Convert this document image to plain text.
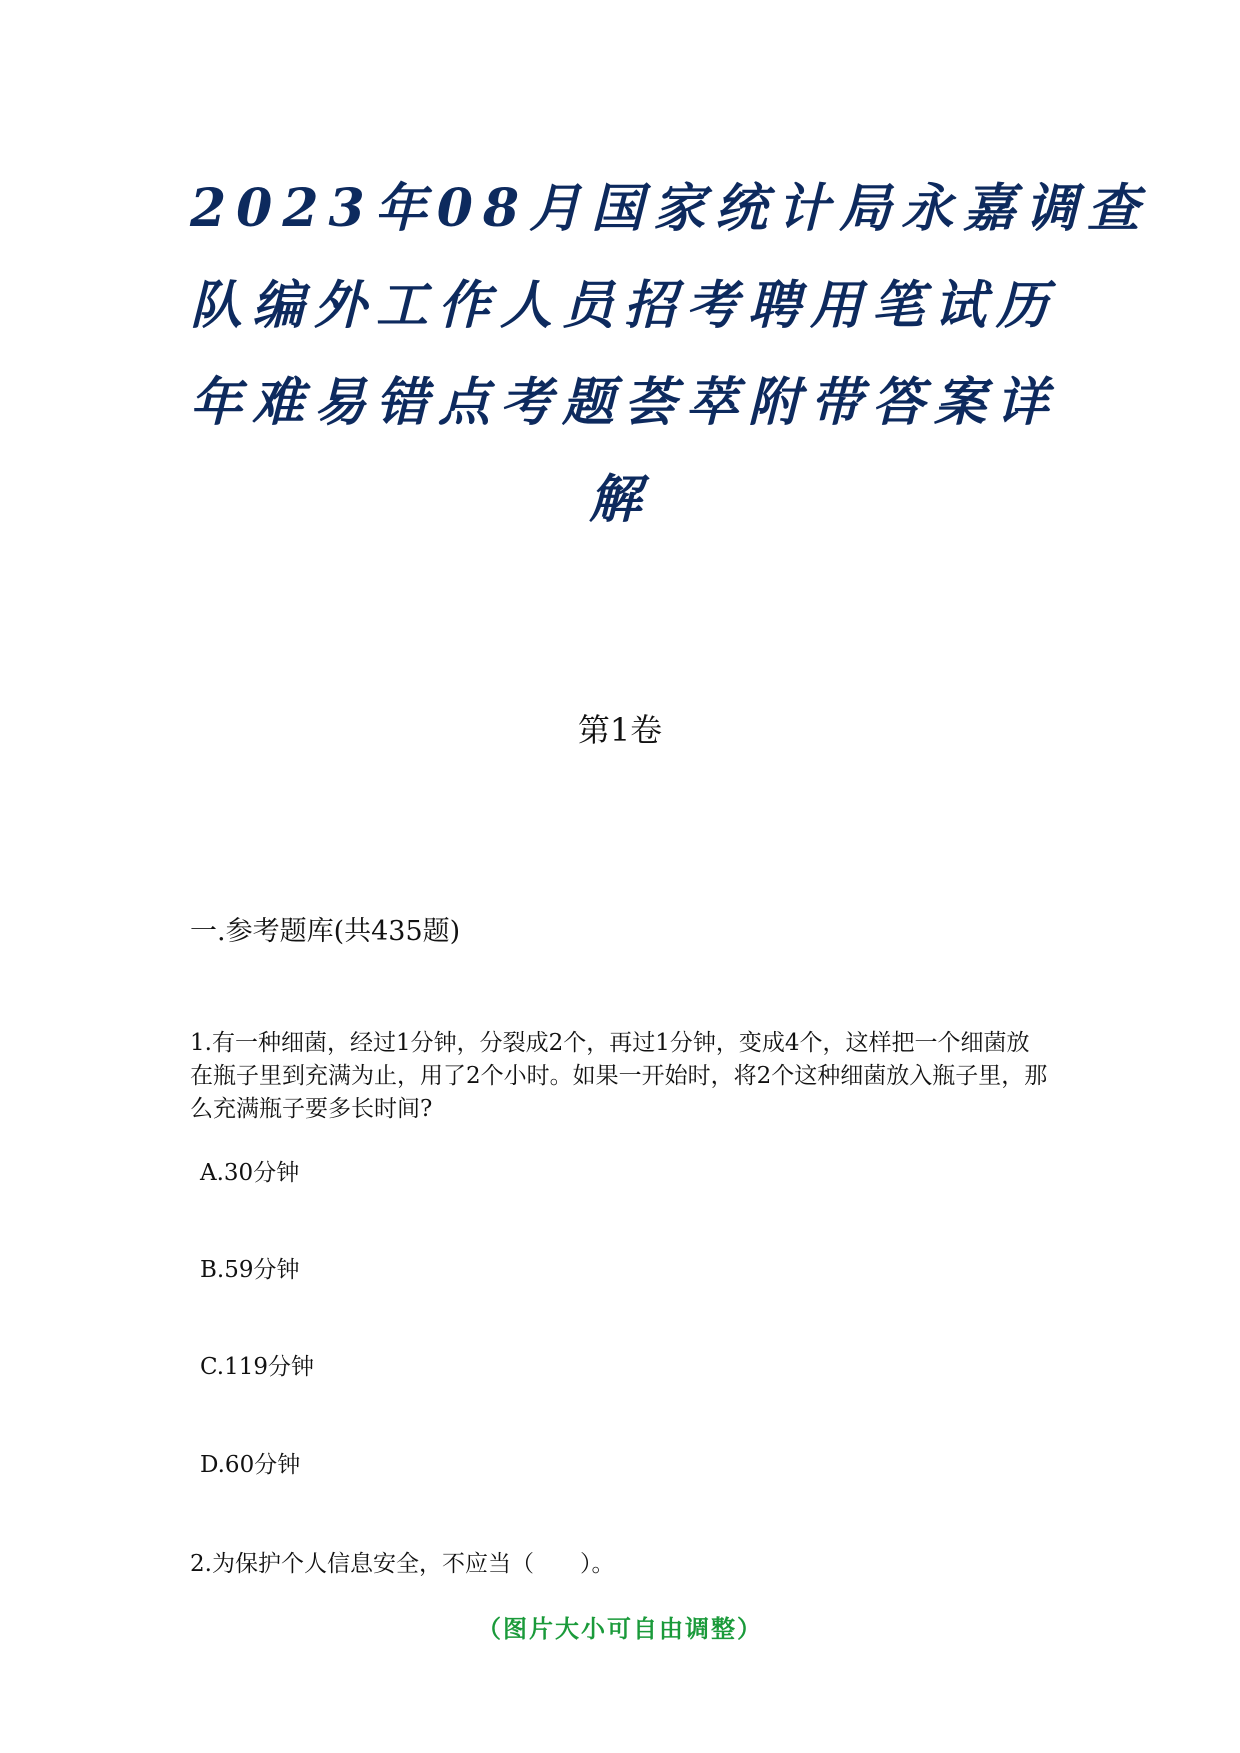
2023年08月国家统计局永嘉调查
队编外工作人员招考聘用笔试历
年难易错点考题荟萃附带答案详
解
第1卷
一.参考题库(共435题)
1.有一种细菌，经过1分钟，分裂成2个，再过1分钟，变成4个，这样把一个细菌放在瓶子里到充满为止，用了2个小时。如果一开始时，将2个这种细菌放入瓶子里，那么充满瓶子要多长时间?
A.30分钟
B.59分钟
C.119分钟
D.60分钟
2.为保护个人信息安全，不应当（　　）。
（图片大小可自由调整）
